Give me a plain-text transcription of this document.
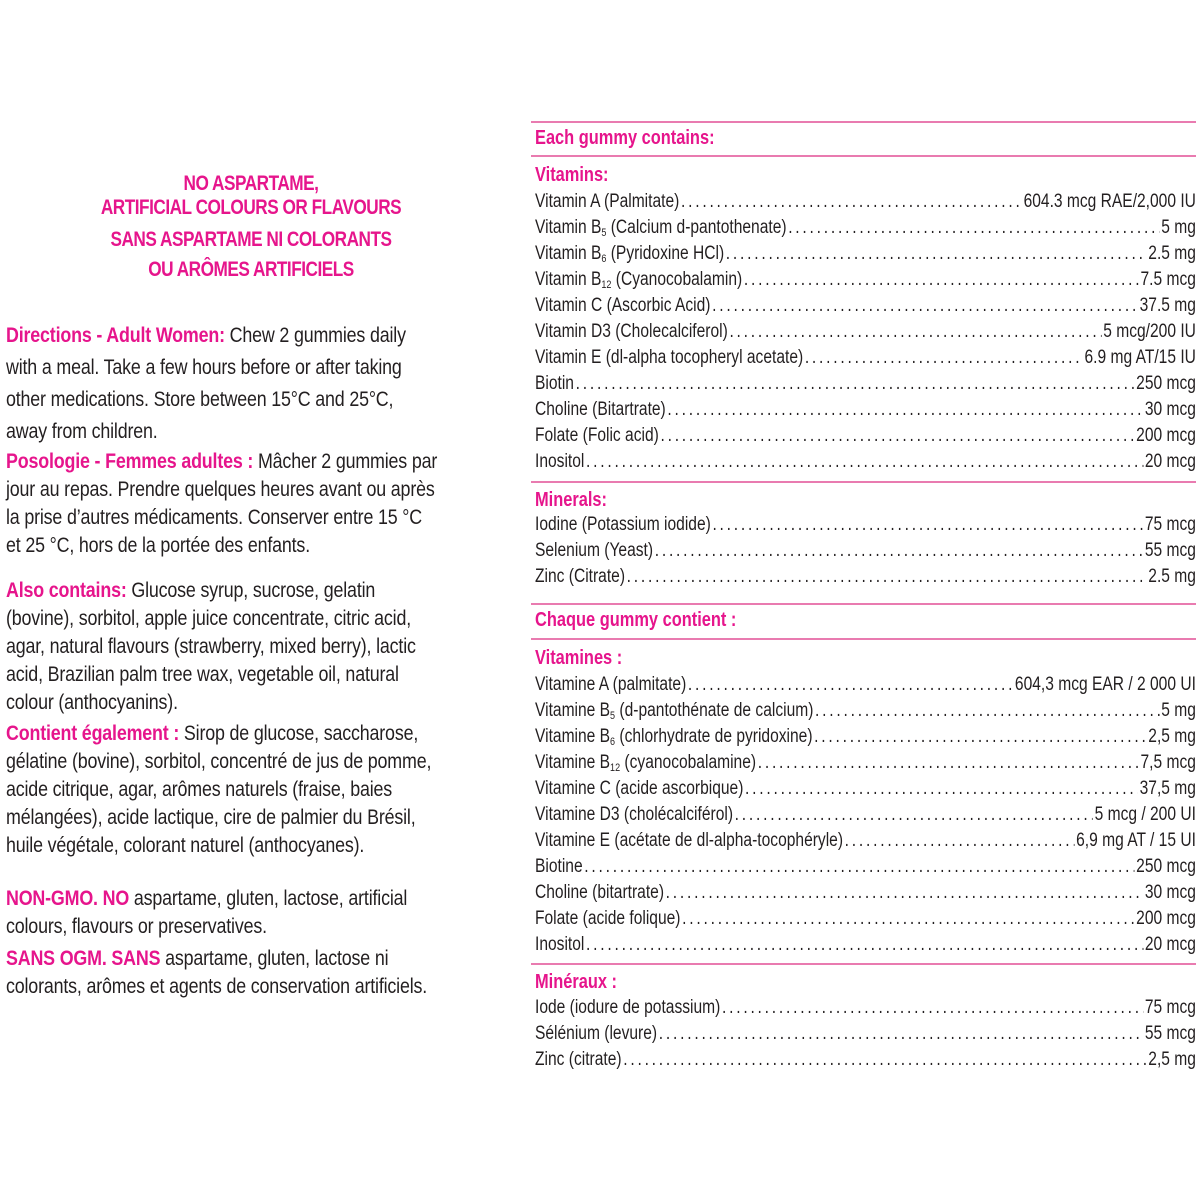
NO ASPARTAME,
ARTIFICIAL COLOURS OR FLAVOURS
SANS ASPARTAME NI COLORANTS
OU ARÔMES ARTIFICIELS
Directions - Adult Women: Chew 2 gummies daily
with a meal. Take a few hours before or after taking
other medications. Store between 15°C and 25°C,
away from children.
Posologie - Femmes adultes : Mâcher 2 gummies par
jour au repas. Prendre quelques heures avant ou après
la prise d’autres médicaments. Conserver entre 15 °C
et 25 °C, hors de la portée des enfants.
Also contains: Glucose syrup, sucrose, gelatin
(bovine), sorbitol, apple juice concentrate, citric acid,
agar, natural flavours (strawberry, mixed berry), lactic
acid, Brazilian palm tree wax, vegetable oil, natural
colour (anthocyanins).
Contient également : Sirop de glucose, saccharose,
gélatine (bovine), sorbitol, concentré de jus de pomme,
acide citrique, agar, arômes naturels (fraise, baies
mélangées), acide lactique, cire de palmier du Brésil,
huile végétale, colorant naturel (anthocyanes).
NON-GMO. NO aspartame, gluten, lactose, artificial
colours, flavours or preservatives.
SANS OGM. SANS aspartame, gluten, lactose ni
colorants, arômes et agents de conservation artificiels.
Each gummy contains:
Vitamins:
Vitamin A (Palmitate) .....	604.3 mcg RAE/2,000 IU
Vitamin $B_5$ (Calcium d-pantothenate) .....	5 mg
Vitamin $B_6$ (Pyridoxine HCl) .....	2.5 mg
Vitamin $B_{12}$ (Cyanocobalamin) .....	7.5 mcg
Vitamin C (Ascorbic Acid) .....	37.5 mg
Vitamin D3 (Cholecalciferol) .....	5 mcg/200 IU
Vitamin E (dl-alpha tocopheryl acetate) .....	6.9 mg AT/15 IU
Biotin .....	250 mcg
Choline (Bitartrate) .....	30 mcg
Folate (Folic acid) .....	200 mcg
Inositol .....	20 mcg
Minerals:
Iodine (Potassium iodide) .....	75 mcg
Selenium (Yeast) .....	55 mcg
Zinc (Citrate) .....	2.5 mg
Chaque gummy contient :
Vitamines :
Vitamine A (palmitate) .....	604,3 mcg EAR / 2 000 UI
Vitamine $B_5$ (d-pantothénate de calcium) .....	5 mg
Vitamine $B_6$ (chlorhydrate de pyridoxine) .....	2,5 mg
Vitamine $B_{12}$ (cyanocobalamine) .....	7,5 mcg
Vitamine C (acide ascorbique) .....	37,5 mg
Vitamine D3 (cholécalciférol) .....	5 mcg / 200 UI
Vitamine E (acétate de dl-alpha-tocophéryle) .....	6,9 mg AT / 15 UI
Biotine .....	250 mcg
Choline (bitartrate) .....	30 mcg
Folate (acide folique) .....	200 mcg
Inositol .....	20 mcg
Minéraux :
Iode (iodure de potassium) .....	75 mcg
Sélénium (levure) .....	55 mcg
Zinc (citrate) .....	2,5 mg
